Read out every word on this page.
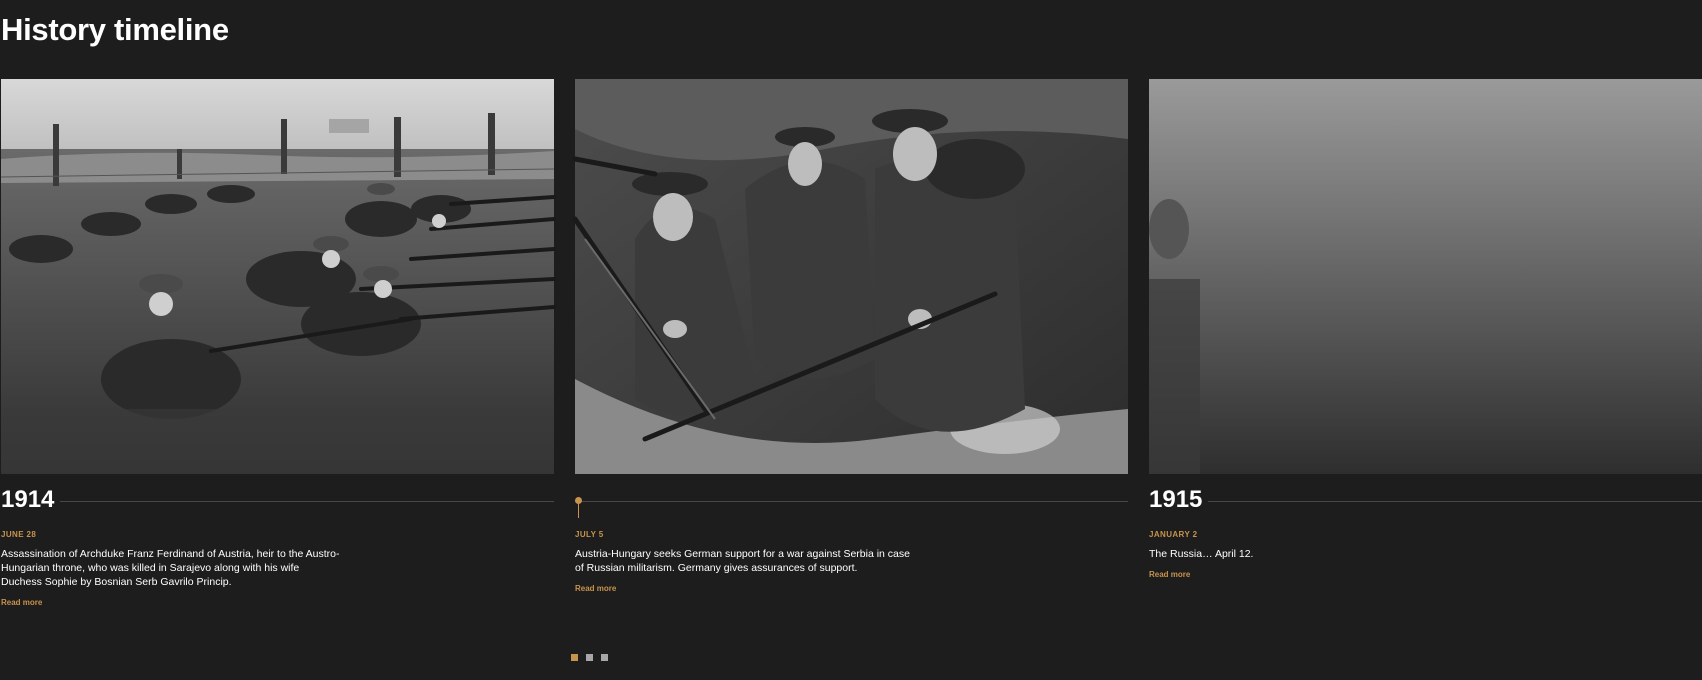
History timeline
1914
JUNE 28
Assassination of Archduke Franz Ferdinand of Austria, heir to the Austro-Hungarian throne, who was killed in Sarajevo along with his wife Duchess Sophie by Bosnian Serb Gavrilo Princip.
Read more
JULY 5
Austria-Hungary seeks German support for a war against Serbia in case of Russian militarism. Germany gives assurances of support.
Read more
1915
JANUARY 2
The Russia… April 12.
Read more
